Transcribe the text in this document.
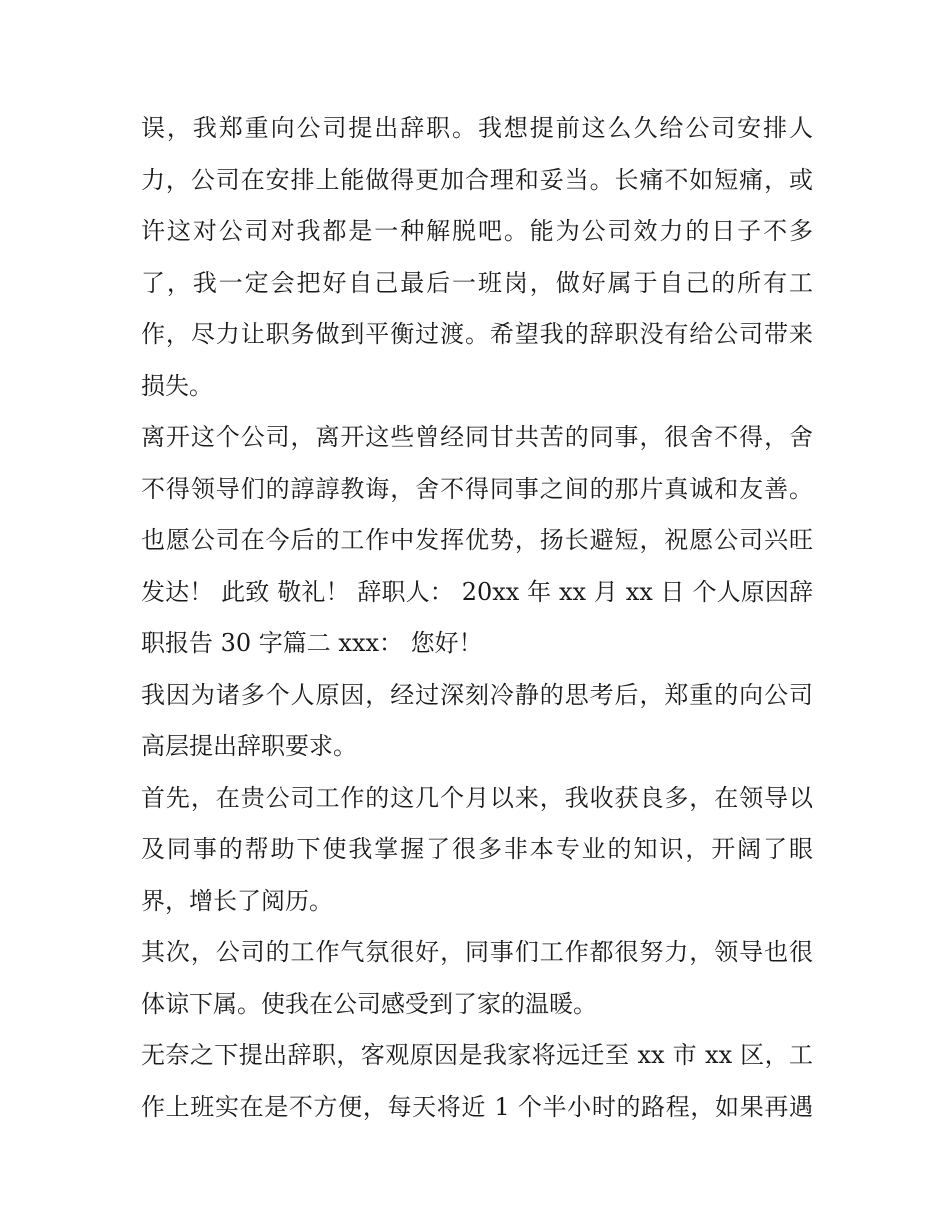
误，我郑重向公司提出辞职。我想提前这么久给公司安排人
力，公司在安排上能做得更加合理和妥当。长痛不如短痛，或
许这对公司对我都是一种解脱吧。能为公司效力的日子不多
了，我一定会把好自己最后一班岗，做好属于自己的所有工
作，尽力让职务做到平衡过渡。希望我的辞职没有给公司带来
损失。
离开这个公司，离开这些曾经同甘共苦的同事，很舍不得，舍
不得领导们的諄諄教诲，舍不得同事之间的那片真诚和友善。
也愿公司在今后的工作中发挥优势，扬长避短，祝愿公司兴旺
发达！ 此致 敬礼！ 辞职人： 20xx 年 xx 月 xx 日 个人原因辞
职报告 30 字篇二 xxx： 您好！
我因为诸多个人原因，经过深刻冷静的思考后，郑重的向公司
高层提出辞职要求。
首先，在贵公司工作的这几个月以来，我收获良多，在领导以
及同事的帮助下使我掌握了很多非本专业的知识，开阔了眼
界，增长了阅历。
其次，公司的工作气氛很好，同事们工作都很努力，领导也很
体谅下属。使我在公司感受到了家的温暖。
无奈之下提出辞职，客观原因是我家将远迁至 xx 市 xx 区，工
作上班实在是不方便，每天将近 1 个半小时的路程，如果再遇
